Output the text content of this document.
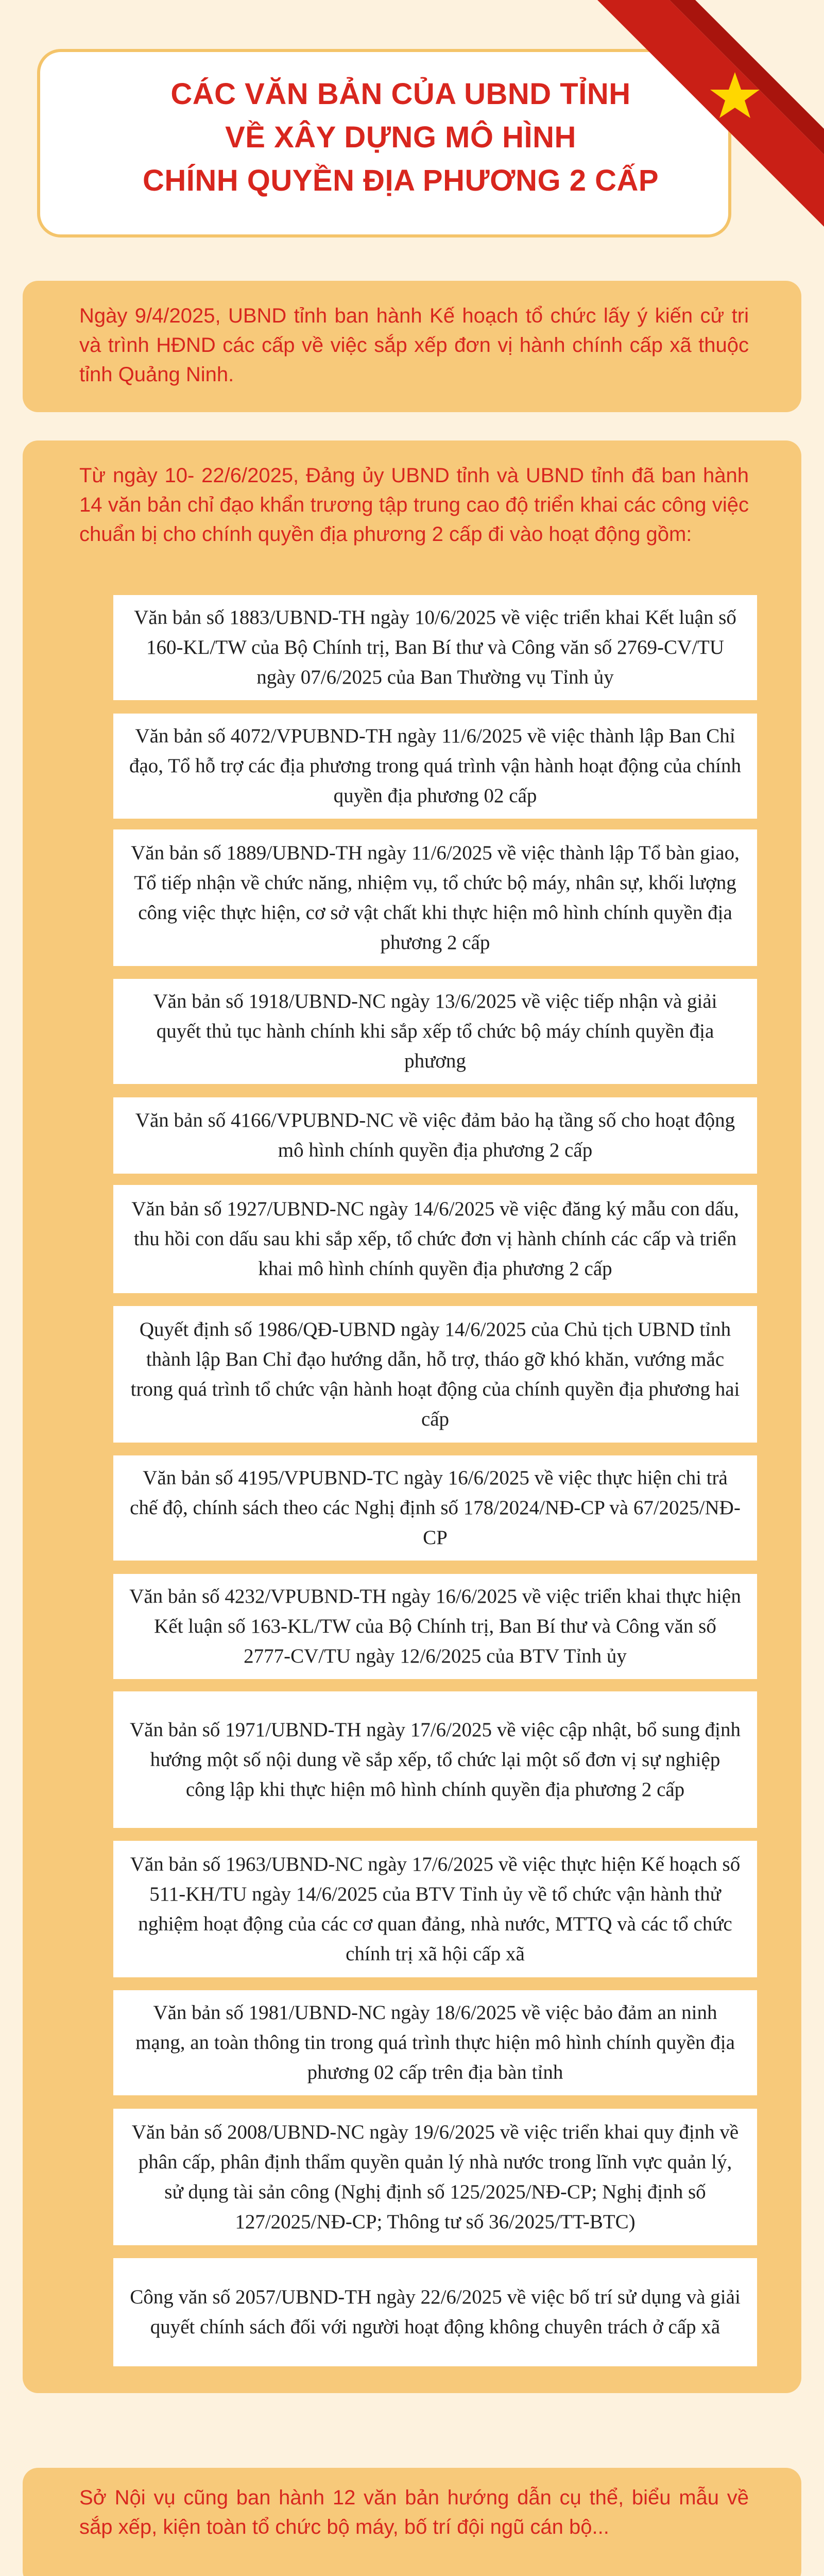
CÁC VĂN BẢN CỦA UBND TỈNH
VỀ XÂY DỰNG MÔ HÌNH
CHÍNH QUYỀN ĐỊA PHƯƠNG 2 CẤP
Ngày 9/4/2025, UBND tỉnh ban hành Kế hoạch tổ chức lấy ý kiến cử tri và trình HĐND các cấp về việc sắp xếp đơn vị hành chính cấp xã thuộc tỉnh Quảng Ninh.
Từ ngày 10- 22/6/2025, Đảng ủy UBND tỉnh và UBND tỉnh đã ban hành 14 văn bản chỉ đạo khẩn trương tập trung cao độ triển khai các công việc chuẩn bị cho chính quyền địa phương 2 cấp đi vào hoạt động gồm:
Văn bản số 1883/UBND-TH ngày 10/6/2025 về việc triển khai Kết luận số 160-KL/TW của Bộ Chính trị, Ban Bí thư và Công văn số 2769-CV/TU ngày 07/6/2025 của Ban Thường vụ Tỉnh ủy
Văn bản số 4072/VPUBND-TH ngày 11/6/2025 về việc thành lập Ban Chỉ đạo, Tổ hỗ trợ các địa phương trong quá trình vận hành hoạt động của chính quyền địa phương 02 cấp
Văn bản số 1889/UBND-TH ngày 11/6/2025 về việc thành lập Tổ bàn giao, Tổ tiếp nhận về chức năng, nhiệm vụ, tổ chức bộ máy, nhân sự, khối lượng công việc thực hiện, cơ sở vật chất khi thực hiện mô hình chính quyền địa phương 2 cấp
Văn bản số 1918/UBND-NC ngày 13/6/2025 về việc tiếp nhận và giải quyết thủ tục hành chính khi sắp xếp tổ chức bộ máy chính quyền địa phương
Văn bản số 4166/VPUBND-NC về việc đảm bảo hạ tầng số cho hoạt động mô hình chính quyền địa phương 2 cấp
Văn bản số 1927/UBND-NC ngày 14/6/2025 về việc đăng ký mẫu con dấu, thu hồi con dấu sau khi sắp xếp, tổ chức đơn vị hành chính các cấp và triển khai mô hình chính quyền địa phương 2 cấp
Quyết định số 1986/QĐ-UBND ngày 14/6/2025 của Chủ tịch UBND tỉnh thành lập Ban Chỉ đạo hướng dẫn, hỗ trợ, tháo gỡ khó khăn, vướng mắc trong quá trình tổ chức vận hành hoạt động của chính quyền địa phương hai cấp
Văn bản số 4195/VPUBND-TC ngày 16/6/2025 về việc thực hiện chi trả chế độ, chính sách theo các Nghị định số 178/2024/NĐ-CP và 67/2025/NĐ-CP
Văn bản số 4232/VPUBND-TH ngày 16/6/2025 về việc triển khai thực hiện Kết luận số 163-KL/TW của Bộ Chính trị, Ban Bí thư và Công văn số 2777-CV/TU ngày 12/6/2025 của BTV Tỉnh ủy
Văn bản số 1971/UBND-TH ngày 17/6/2025 về việc cập nhật, bổ sung định hướng một số nội dung về sắp xếp, tổ chức lại một số đơn vị sự nghiệp công lập khi thực hiện mô hình chính quyền địa phương 2 cấp
Văn bản số 1963/UBND-NC ngày 17/6/2025 về việc thực hiện Kế hoạch số 511-KH/TU ngày 14/6/2025 của BTV Tỉnh ủy về tổ chức vận hành thử nghiệm hoạt động của các cơ quan đảng, nhà nước, MTTQ và các tổ chức chính trị xã hội cấp xã
Văn bản số 1981/UBND-NC ngày 18/6/2025 về việc bảo đảm an ninh mạng, an toàn thông tin trong quá trình thực hiện mô hình chính quyền địa phương 02 cấp trên địa bàn tỉnh
Văn bản số 2008/UBND-NC ngày 19/6/2025 về việc triển khai quy định về phân cấp, phân định thẩm quyền quản lý nhà nước trong lĩnh vực quản lý, sử dụng tài sản công (Nghị định số 125/2025/NĐ-CP; Nghị định số 127/2025/NĐ-CP; Thông tư số 36/2025/TT-BTC)
Công văn số 2057/UBND-TH ngày 22/6/2025 về việc bố trí sử dụng và giải quyết chính sách đối với người hoạt động không chuyên trách ở cấp xã
Sở Nội vụ cũng ban hành 12 văn bản hướng dẫn cụ thể, biểu mẫu về sắp xếp, kiện toàn tổ chức bộ máy, bố trí đội ngũ cán bộ...
